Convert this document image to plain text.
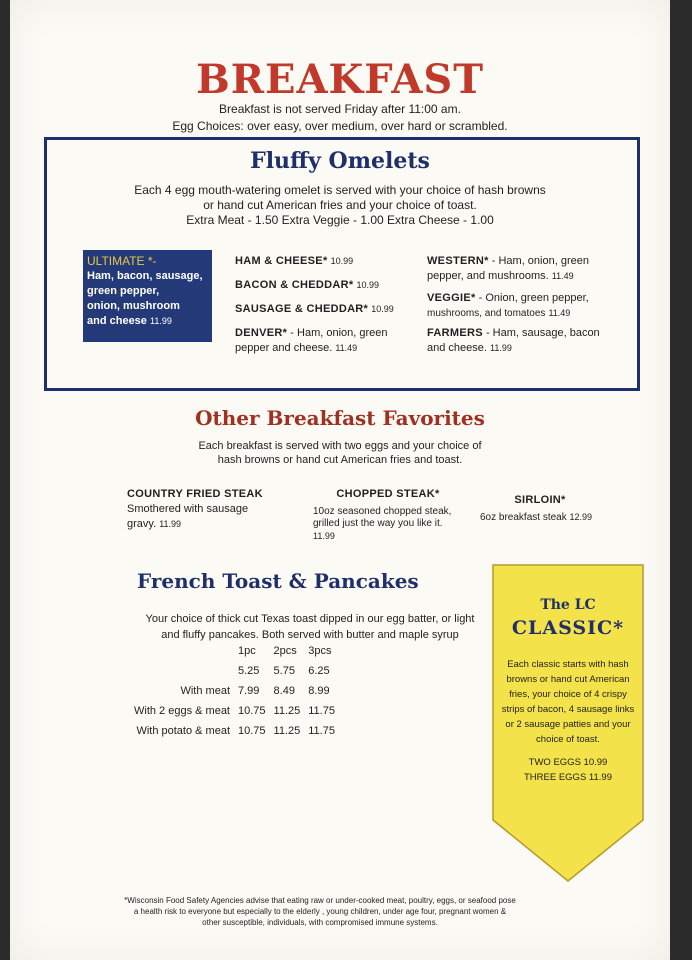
BREAKFAST
Breakfast is not served Friday after 11:00 am.
Egg Choices: over easy, over medium, over hard or scrambled.
Fluffy Omelets
Each 4 egg mouth-watering omelet is served with your choice of hash browns
or hand cut American fries and your choice of toast.
Extra Meat - 1.50 Extra Veggie - 1.00 Extra Cheese - 1.00
ULTIMATE *-
Ham, bacon, sausage,
green pepper,
onion, mushroom
and cheese 11.99
HAM & CHEESE* 10.99
BACON & CHEDDAR* 10.99
SAUSAGE & CHEDDAR* 10.99
DENVER* - Ham, onion, green
pepper and cheese. 11.49
WESTERN* - Ham, onion, green
pepper, and mushrooms. 11.49
VEGGIE* - Onion, green pepper,
mushrooms, and tomatoes 11.49
FARMERS - Ham, sausage, bacon
and cheese. 11.99
Other Breakfast Favorites
Each breakfast is served with two eggs and your choice of
hash browns or hand cut American fries and toast.
COUNTRY FRIED STEAK
Smothered with sausage
gravy. 11.99
CHOPPED STEAK*
10oz seasoned chopped steak,
grilled just the way you like it.
11.99
SIRLOIN*
6oz breakfast steak 12.99
French Toast & Pancakes
Your choice of thick cut Texas toast dipped in our egg batter, or light
and fluffy pancakes. Both served with butter and maple syrup
	1pc	2pcs	3pcs
	5.25	5.75	6.25
With meat	7.99	8.49	8.99
With 2 eggs & meat	10.75	11.25	11.75
With potato & meat	10.75	11.25	11.75
The LC
CLASSIC*
Each classic starts with hash
browns or hand cut American
fries, your choice of 4 crispy
strips of bacon, 4 sausage links
or 2 sausage patties and your
choice of toast.
TWO EGGS 10.99
THREE EGGS 11.99
*Wisconsin Food Safety Agencies advise that eating raw or under-cooked meat, poultry, eggs, or seafood pose
a health risk to everyone but especially to the elderly , young children, under age four, pregnant women &
other susceptible, individuals, with compromised immune systems.
